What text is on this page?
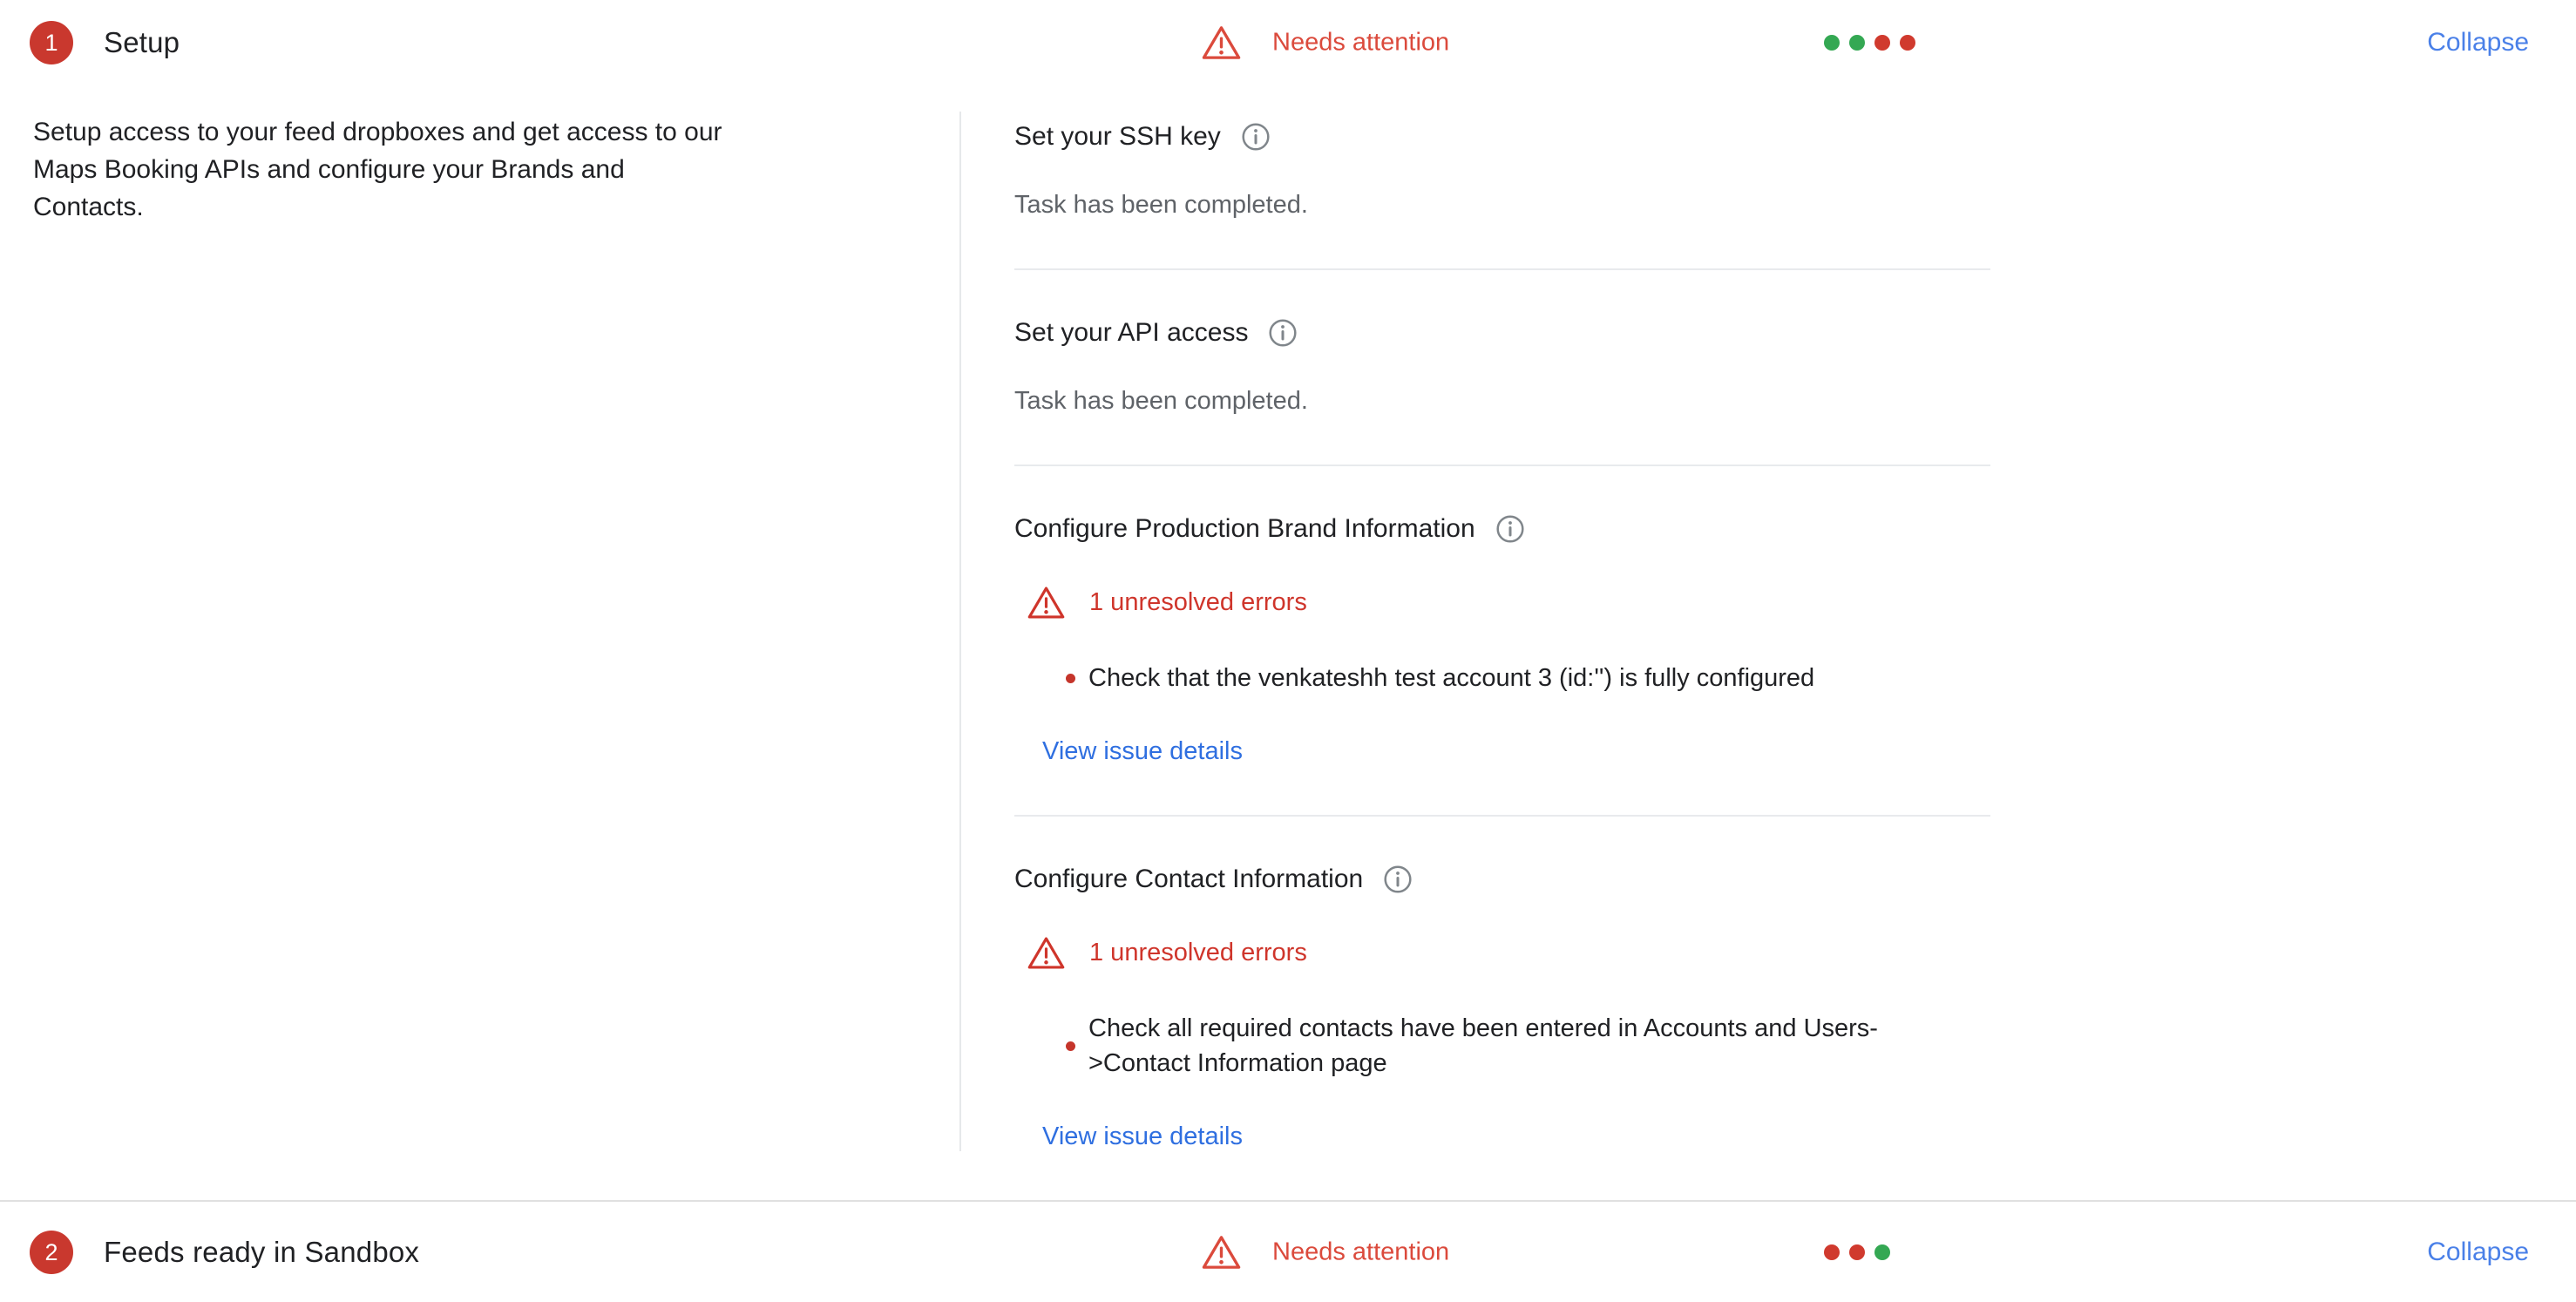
1	Setup	Needs attention	Collapse

Setup access to your feed dropboxes and get access to our
Maps Booking APIs and configure your Brands and
Contacts.

Set your SSH key

Task has been completed.

Set your API access

Task has been completed.

Configure Production Brand Information
1 unresolved errors
Check that the venkateshh test account 3 (id:'') is fully configured
View issue details
Configure Contact Information
1 unresolved errors
Check all required contacts have been entered in Accounts and Users-
>Contact Information page
View issue details
2	Feeds ready in Sandbox	Needs attention	Collapse
